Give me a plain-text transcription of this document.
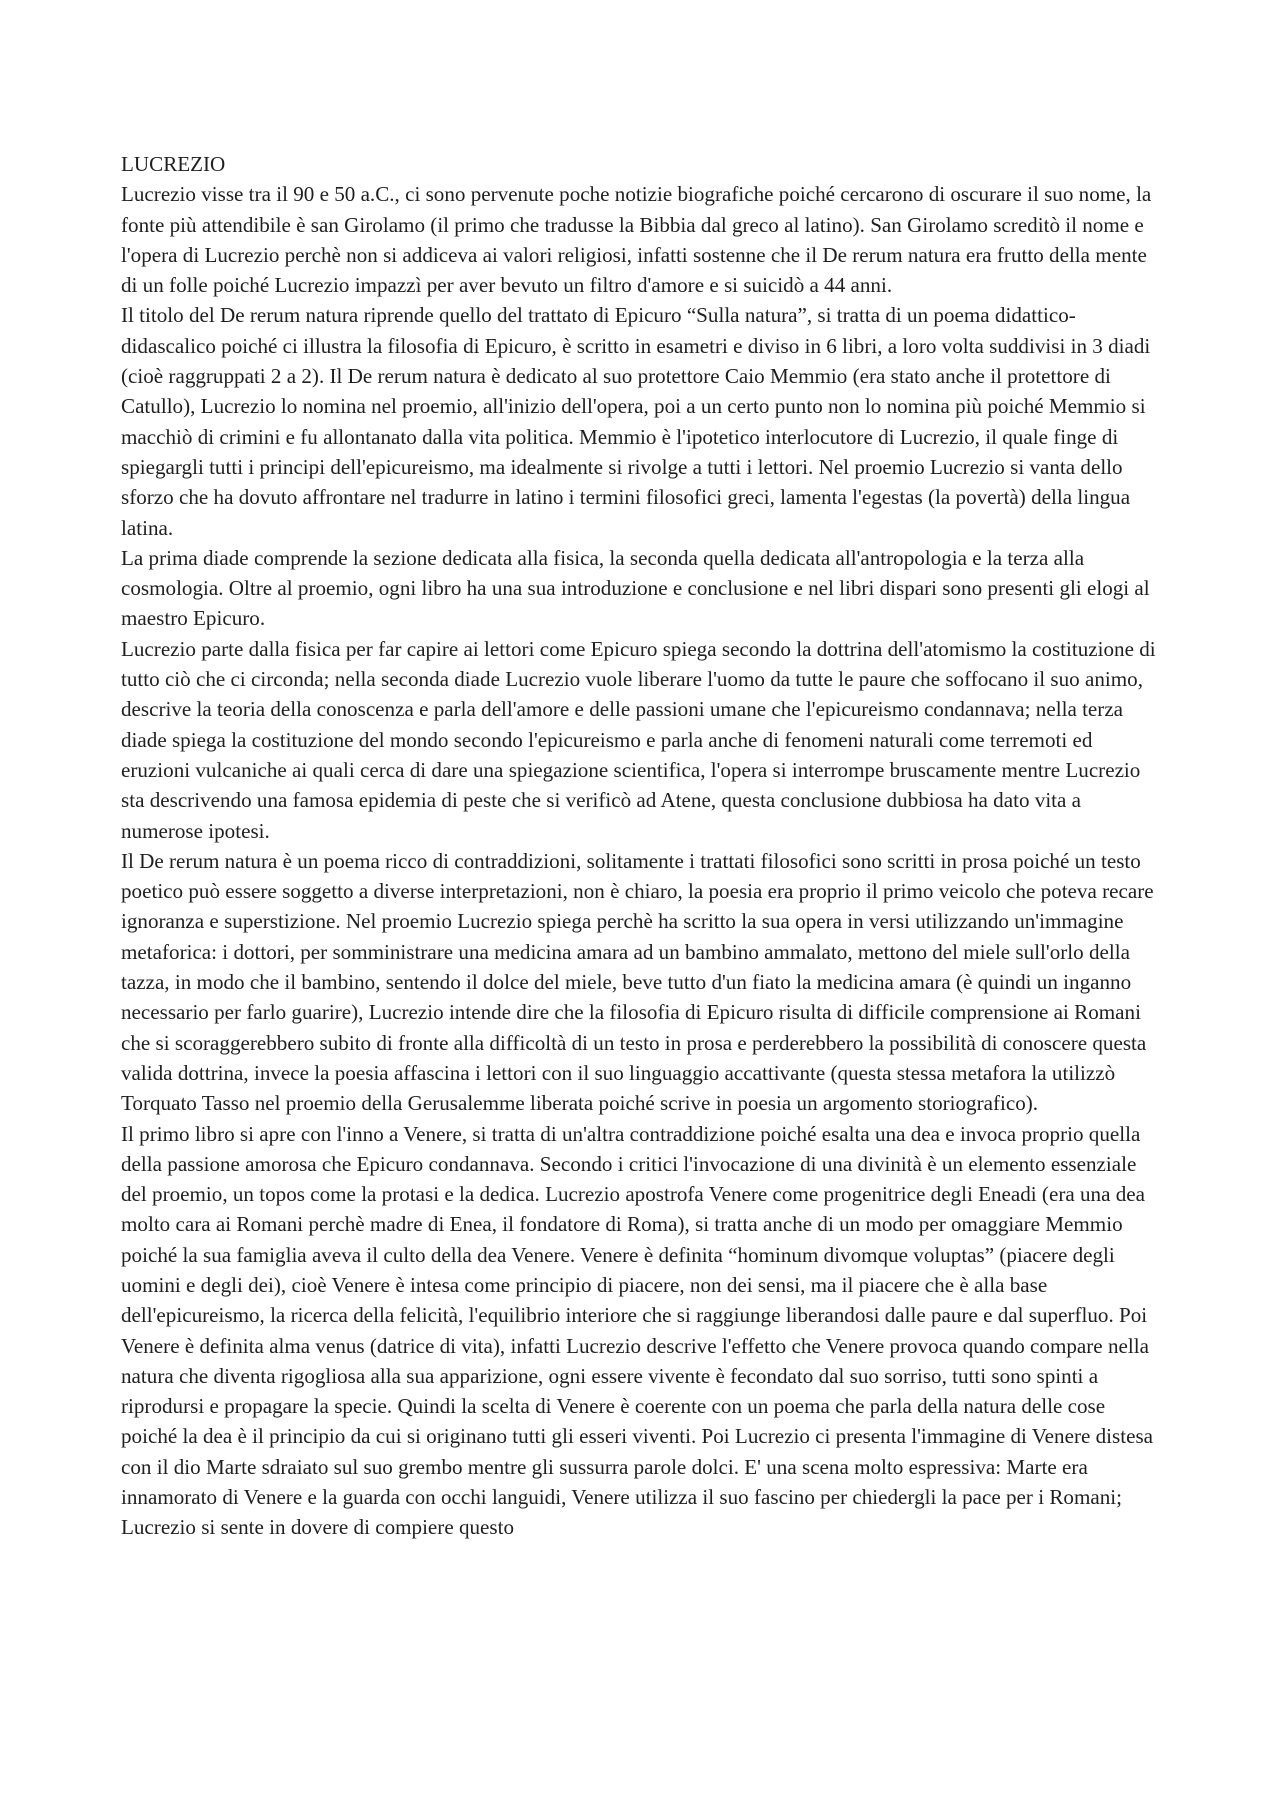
LUCREZIO

Lucrezio visse tra il 90 e 50 a.C., ci sono pervenute poche notizie biografiche poiché cercarono di oscurare il suo nome, la fonte più attendibile è san Girolamo (il primo che tradusse la Bibbia dal greco al latino). San Girolamo screditò il nome e l'opera di Lucrezio perchè non si addiceva ai valori religiosi, infatti sostenne che il De rerum natura era frutto della mente di un folle poiché Lucrezio impazzì per aver bevuto un filtro d'amore e si suicidò a 44 anni.

Il titolo del De rerum natura riprende quello del trattato di Epicuro “Sulla natura”, si tratta di un poema didattico-didascalico poiché ci illustra la filosofia di Epicuro, è scritto in esametri e diviso in 6 libri, a loro volta suddivisi in 3 diadi (cioè raggruppati 2 a 2). Il De rerum natura è dedicato al suo protettore Caio Memmio (era stato anche il protettore di Catullo), Lucrezio lo nomina nel proemio, all'inizio dell'opera, poi a un certo punto non lo nomina più poiché Memmio si macchiò di crimini e fu allontanato dalla vita politica. Memmio è l'ipotetico interlocutore di Lucrezio, il quale finge di spiegargli tutti i principi dell'epicureismo, ma idealmente si rivolge a tutti i lettori. Nel proemio Lucrezio si vanta dello sforzo che ha dovuto affrontare nel tradurre in latino i termini filosofici greci, lamenta l'egestas (la povertà) della lingua latina.

La prima diade comprende la sezione dedicata alla fisica, la seconda quella dedicata all'antropologia e la terza alla cosmologia. Oltre al proemio, ogni libro ha una sua introduzione e conclusione e nel libri dispari sono presenti gli elogi al maestro Epicuro.

Lucrezio parte dalla fisica per far capire ai lettori come Epicuro spiega secondo la dottrina dell'atomismo la costituzione di tutto ciò che ci circonda; nella seconda diade Lucrezio vuole liberare l'uomo da tutte le paure che soffocano il suo animo, descrive la teoria della conoscenza e parla dell'amore e delle passioni umane che l'epicureismo condannava; nella terza diade spiega la costituzione del mondo secondo l'epicureismo e parla anche di fenomeni naturali come terremoti ed eruzioni vulcaniche ai quali cerca di dare una spiegazione scientifica, l'opera si interrompe bruscamente mentre Lucrezio sta descrivendo una famosa epidemia di peste che si verificò ad Atene, questa conclusione dubbiosa ha dato vita a numerose ipotesi.

Il De rerum natura è un poema ricco di contraddizioni, solitamente i trattati filosofici sono scritti in prosa poiché un testo poetico può essere soggetto a diverse interpretazioni, non è chiaro, la poesia era proprio il primo veicolo che poteva recare ignoranza e superstizione. Nel proemio Lucrezio spiega perchè ha scritto la sua opera in versi utilizzando un'immagine metaforica: i dottori, per somministrare una medicina amara ad un bambino ammalato, mettono del miele sull'orlo della tazza, in modo che il bambino, sentendo il dolce del miele, beve tutto d'un fiato la medicina amara (è quindi un inganno necessario per farlo guarire), Lucrezio intende dire che la filosofia di Epicuro risulta di difficile comprensione ai Romani che si scoraggerebbero subito di fronte alla difficoltà di un testo in prosa e perderebbero la possibilità di conoscere questa valida dottrina, invece la poesia affascina i lettori con il suo linguaggio accattivante (questa stessa metafora la utilizzò Torquato Tasso nel proemio della Gerusalemme liberata poiché scrive in poesia un argomento storiografico).

Il primo libro si apre con l'inno a Venere, si tratta di un'altra contraddizione poiché esalta una dea e invoca proprio quella della passione amorosa che Epicuro condannava. Secondo i critici l'invocazione di una divinità è un elemento essenziale del proemio, un topos come la protasi e la dedica. Lucrezio apostrofa Venere come progenitrice degli Eneadi (era una dea molto cara ai Romani perchè madre di Enea, il fondatore di Roma), si tratta anche di un modo per omaggiare Memmio poiché la sua famiglia aveva il culto della dea Venere. Venere è definita “hominum divomque voluptas” (piacere degli uomini e degli dei), cioè Venere è intesa come principio di piacere, non dei sensi, ma il piacere che è alla base dell'epicureismo, la ricerca della felicità, l'equilibrio interiore che si raggiunge liberandosi dalle paure e dal superfluo. Poi Venere è definita alma venus (datrice di vita), infatti Lucrezio descrive l'effetto che Venere provoca quando compare nella natura che diventa rigogliosa alla sua apparizione, ogni essere vivente è fecondato dal suo sorriso, tutti sono spinti a riprodursi e propagare la specie. Quindi la scelta di Venere è coerente con un poema che parla della natura delle cose poiché la dea è il principio da cui si originano tutti gli esseri viventi. Poi Lucrezio ci presenta l'immagine di Venere distesa con il dio Marte sdraiato sul suo grembo mentre gli sussurra parole dolci. E' una scena molto espressiva: Marte era innamorato di Venere e la guarda con occhi languidi, Venere utilizza il suo fascino per chiedergli la pace per i Romani; Lucrezio si sente in dovere di compiere questo
